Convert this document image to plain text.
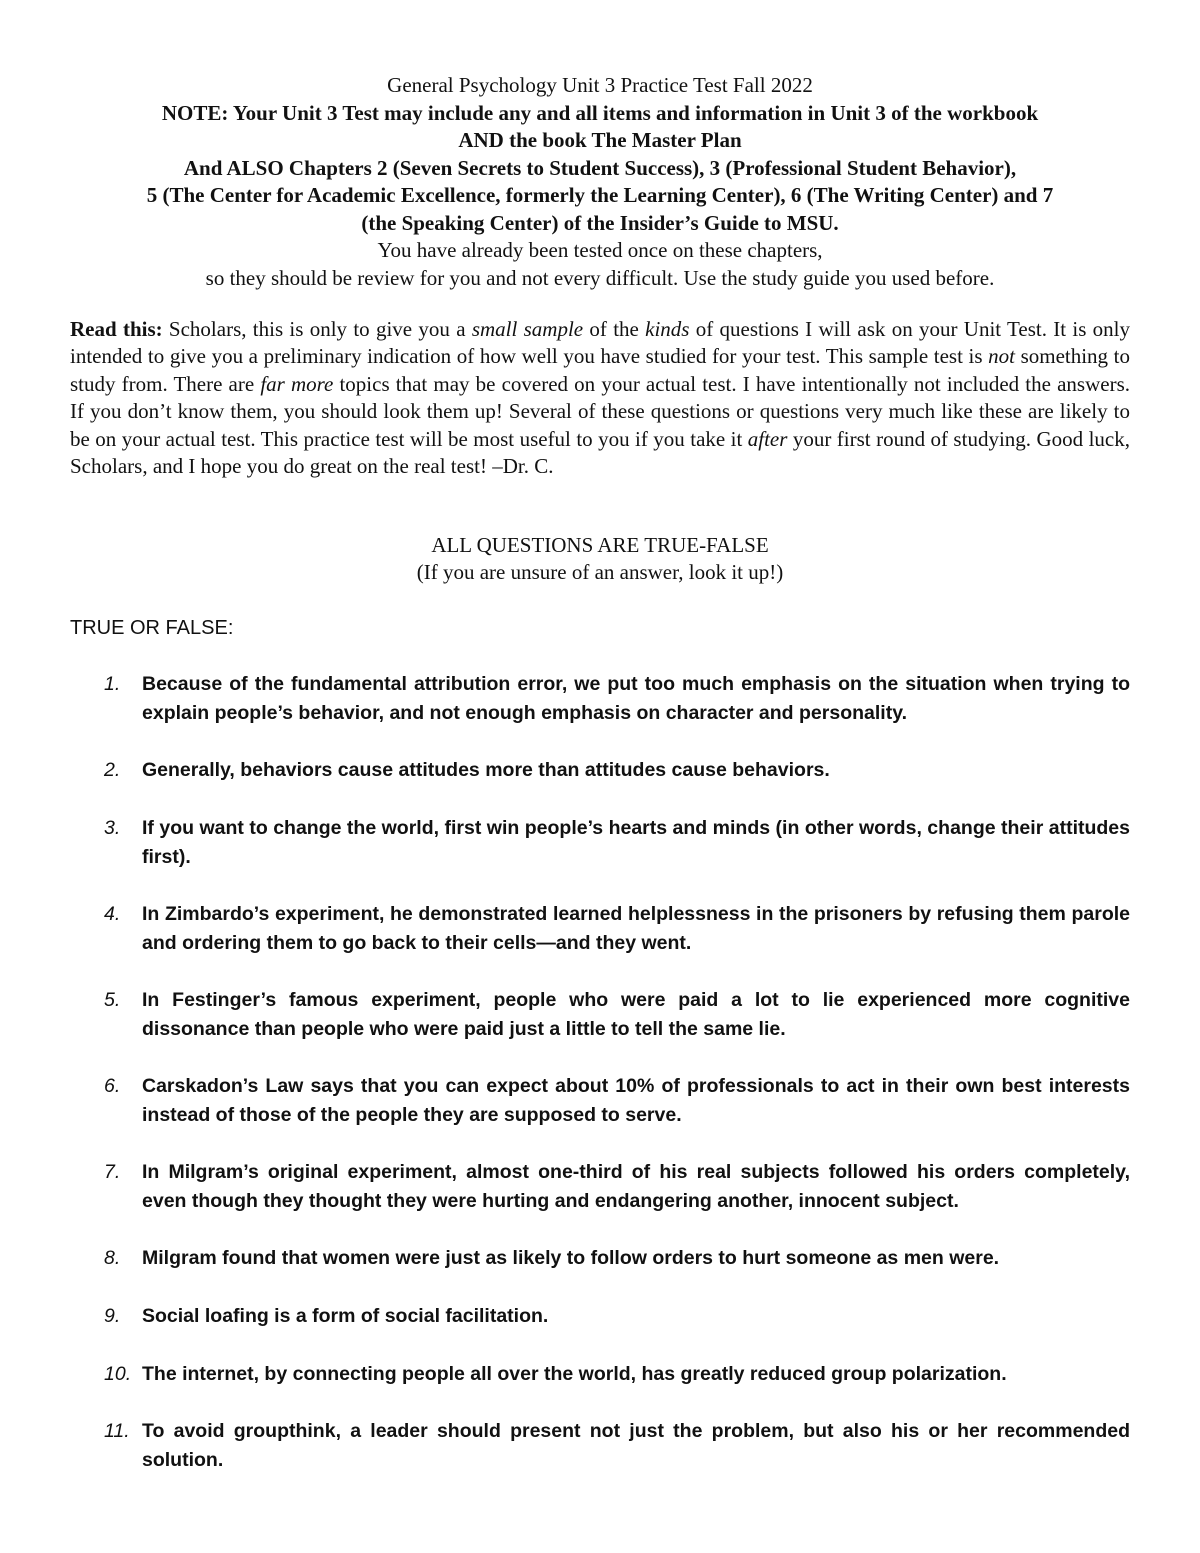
General Psychology Unit 3 Practice Test Fall 2022
NOTE: Your Unit 3 Test may include any and all items and information in Unit 3 of the workbook
AND the book The Master Plan
And ALSO Chapters 2 (Seven Secrets to Student Success), 3 (Professional Student Behavior),
5 (The Center for Academic Excellence, formerly the Learning Center), 6 (The Writing Center) and 7
(the Speaking Center) of the Insider’s Guide to MSU.
You have already been tested once on these chapters,
so they should be review for you and not every difficult. Use the study guide you used before.
Read this: Scholars, this is only to give you a small sample of the kinds of questions I will ask on your Unit Test. It is only intended to give you a preliminary indication of how well you have studied for your test. This sample test is not something to study from. There are far more topics that may be covered on your actual test. I have intentionally not included the answers. If you don’t know them, you should look them up! Several of these questions or questions very much like these are likely to be on your actual test. This practice test will be most useful to you if you take it after your first round of studying. Good luck, Scholars, and I hope you do great on the real test! –Dr. C.
ALL QUESTIONS ARE TRUE-FALSE
(If you are unsure of an answer, look it up!)
TRUE OR FALSE:
1. Because of the fundamental attribution error, we put too much emphasis on the situation when trying to explain people’s behavior, and not enough emphasis on character and personality.
2. Generally, behaviors cause attitudes more than attitudes cause behaviors.
3. If you want to change the world, first win people’s hearts and minds (in other words, change their attitudes first).
4. In Zimbardo’s experiment, he demonstrated learned helplessness in the prisoners by refusing them parole and ordering them to go back to their cells—and they went.
5. In Festinger’s famous experiment, people who were paid a lot to lie experienced more cognitive dissonance than people who were paid just a little to tell the same lie.
6. Carskadon’s Law says that you can expect about 10% of professionals to act in their own best interests instead of those of the people they are supposed to serve.
7. In Milgram’s original experiment, almost one-third of his real subjects followed his orders completely, even though they thought they were hurting and endangering another, innocent subject.
8. Milgram found that women were just as likely to follow orders to hurt someone as men were.
9. Social loafing is a form of social facilitation.
10. The internet, by connecting people all over the world, has greatly reduced group polarization.
11. To avoid groupthink, a leader should present not just the problem, but also his or her recommended solution.
